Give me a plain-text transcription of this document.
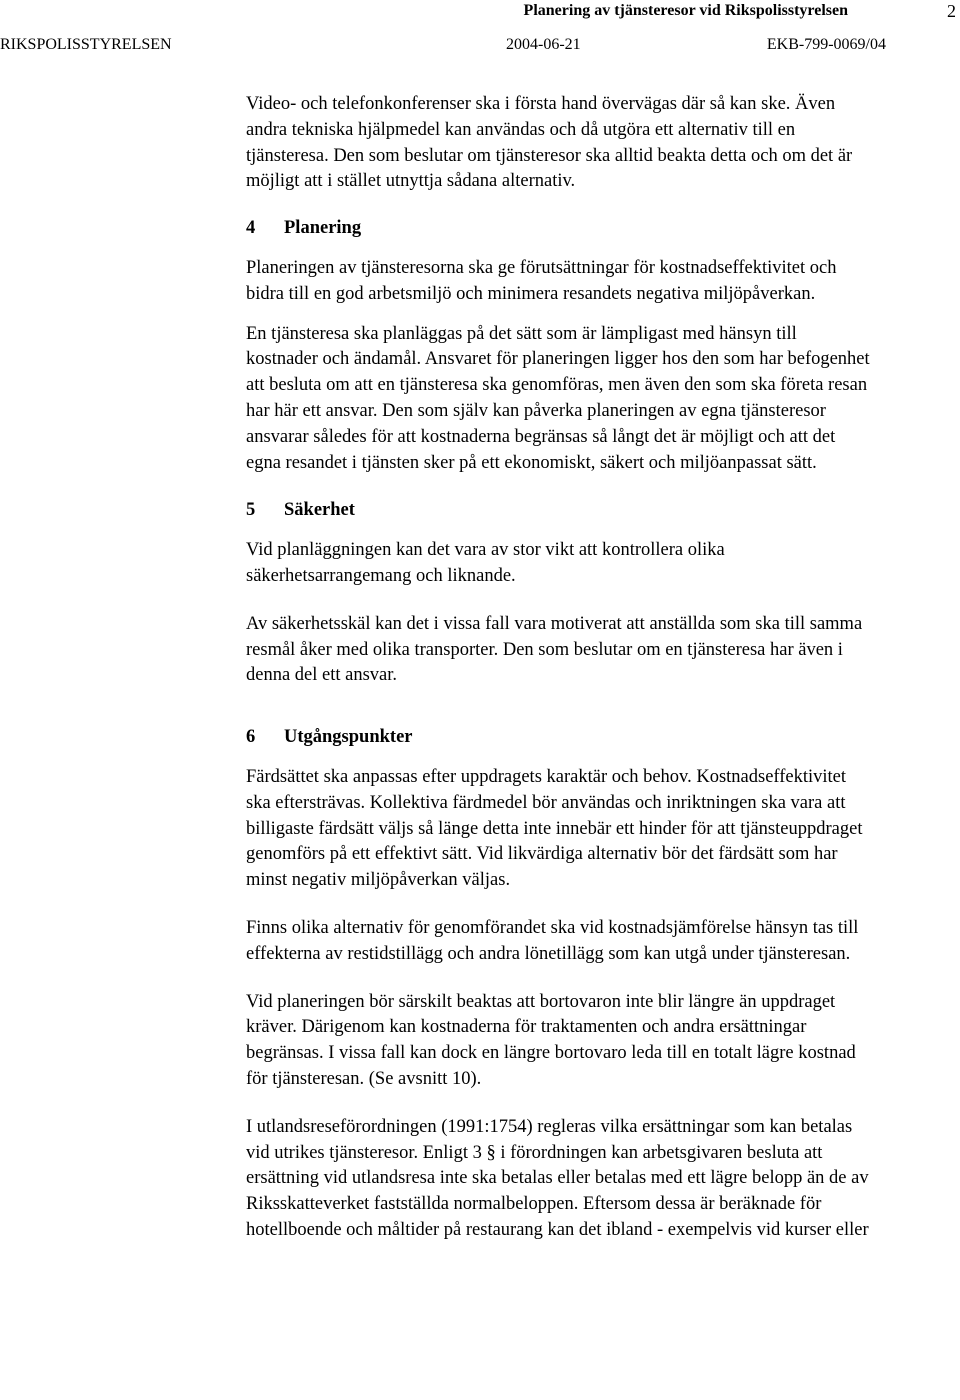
Planering av tjänsteresor vid Rikspolisstyrelsen	2
RIKSPOLISSTYRELSEN	2004-06-21	EKB-799-0069/04

Video- och telefonkonferenser ska i första hand övervägas där så kan ske. Även andra tekniska hjälpmedel kan användas och då utgöra ett alternativ till en tjänsteresa. Den som beslutar om tjänsteresor ska alltid beakta detta och om det är möjligt att i stället utnyttja sådana alternativ.

4 Planering

Planeringen av tjänsteresorna ska ge förutsättningar för kostnadseffektivitet och bidra till en god arbetsmiljö och minimera resandets negativa miljöpåverkan.

En tjänsteresa ska planläggas på det sätt som är lämpligast med hänsyn till kostnader och ändamål. Ansvaret för planeringen ligger hos den som har befogenhet att besluta om att en tjänsteresa ska genomföras, men även den som ska företa resan har här ett ansvar. Den som själv kan påverka planeringen av egna tjänsteresor ansvarar således för att kostnaderna begränsas så långt det är möjligt och att det egna resandet i tjänsten sker på ett ekonomiskt, säkert och miljöanpassat sätt.

5 Säkerhet

Vid planläggningen kan det vara av stor vikt att kontrollera olika säkerhetsarrangemang och liknande.

Av säkerhetsskäl kan det i vissa fall vara motiverat att anställda som ska till samma resmål åker med olika transporter. Den som beslutar om en tjänsteresa har även i denna del ett ansvar.

6 Utgångspunkter

Färdsättet ska anpassas efter uppdragets karaktär och behov. Kostnadseffektivitet ska eftersträvas. Kollektiva färdmedel bör användas och inriktningen ska vara att billigaste färdsätt väljs så länge detta inte innebär ett hinder för att tjänsteuppdraget genomförs på ett effektivt sätt. Vid likvärdiga alternativ bör det färdsätt som har minst negativ miljöpåverkan väljas.

Finns olika alternativ för genomförandet ska vid kostnadsjämförelse hänsyn tas till effekterna av restidstillägg och andra lönetillägg som kan utgå under tjänsteresan.

Vid planeringen bör särskilt beaktas att bortovaron inte blir längre än uppdraget kräver. Därigenom kan kostnaderna för traktamenten och andra ersättningar begränsas. I vissa fall kan dock en längre bortovaro leda till en totalt lägre kostnad för tjänsteresan. (Se avsnitt 10).

I utlandsreseförordningen (1991:1754) regleras vilka ersättningar som kan betalas vid utrikes tjänsteresor. Enligt 3 § i förordningen kan arbetsgivaren besluta att ersättning vid utlandsresa inte ska betalas eller betalas med ett lägre belopp än de av Riksskatteverket fastställda normalbeloppen. Eftersom dessa är beräknade för hotellboende och måltider på restaurang kan det ibland - exempelvis vid kurser eller
